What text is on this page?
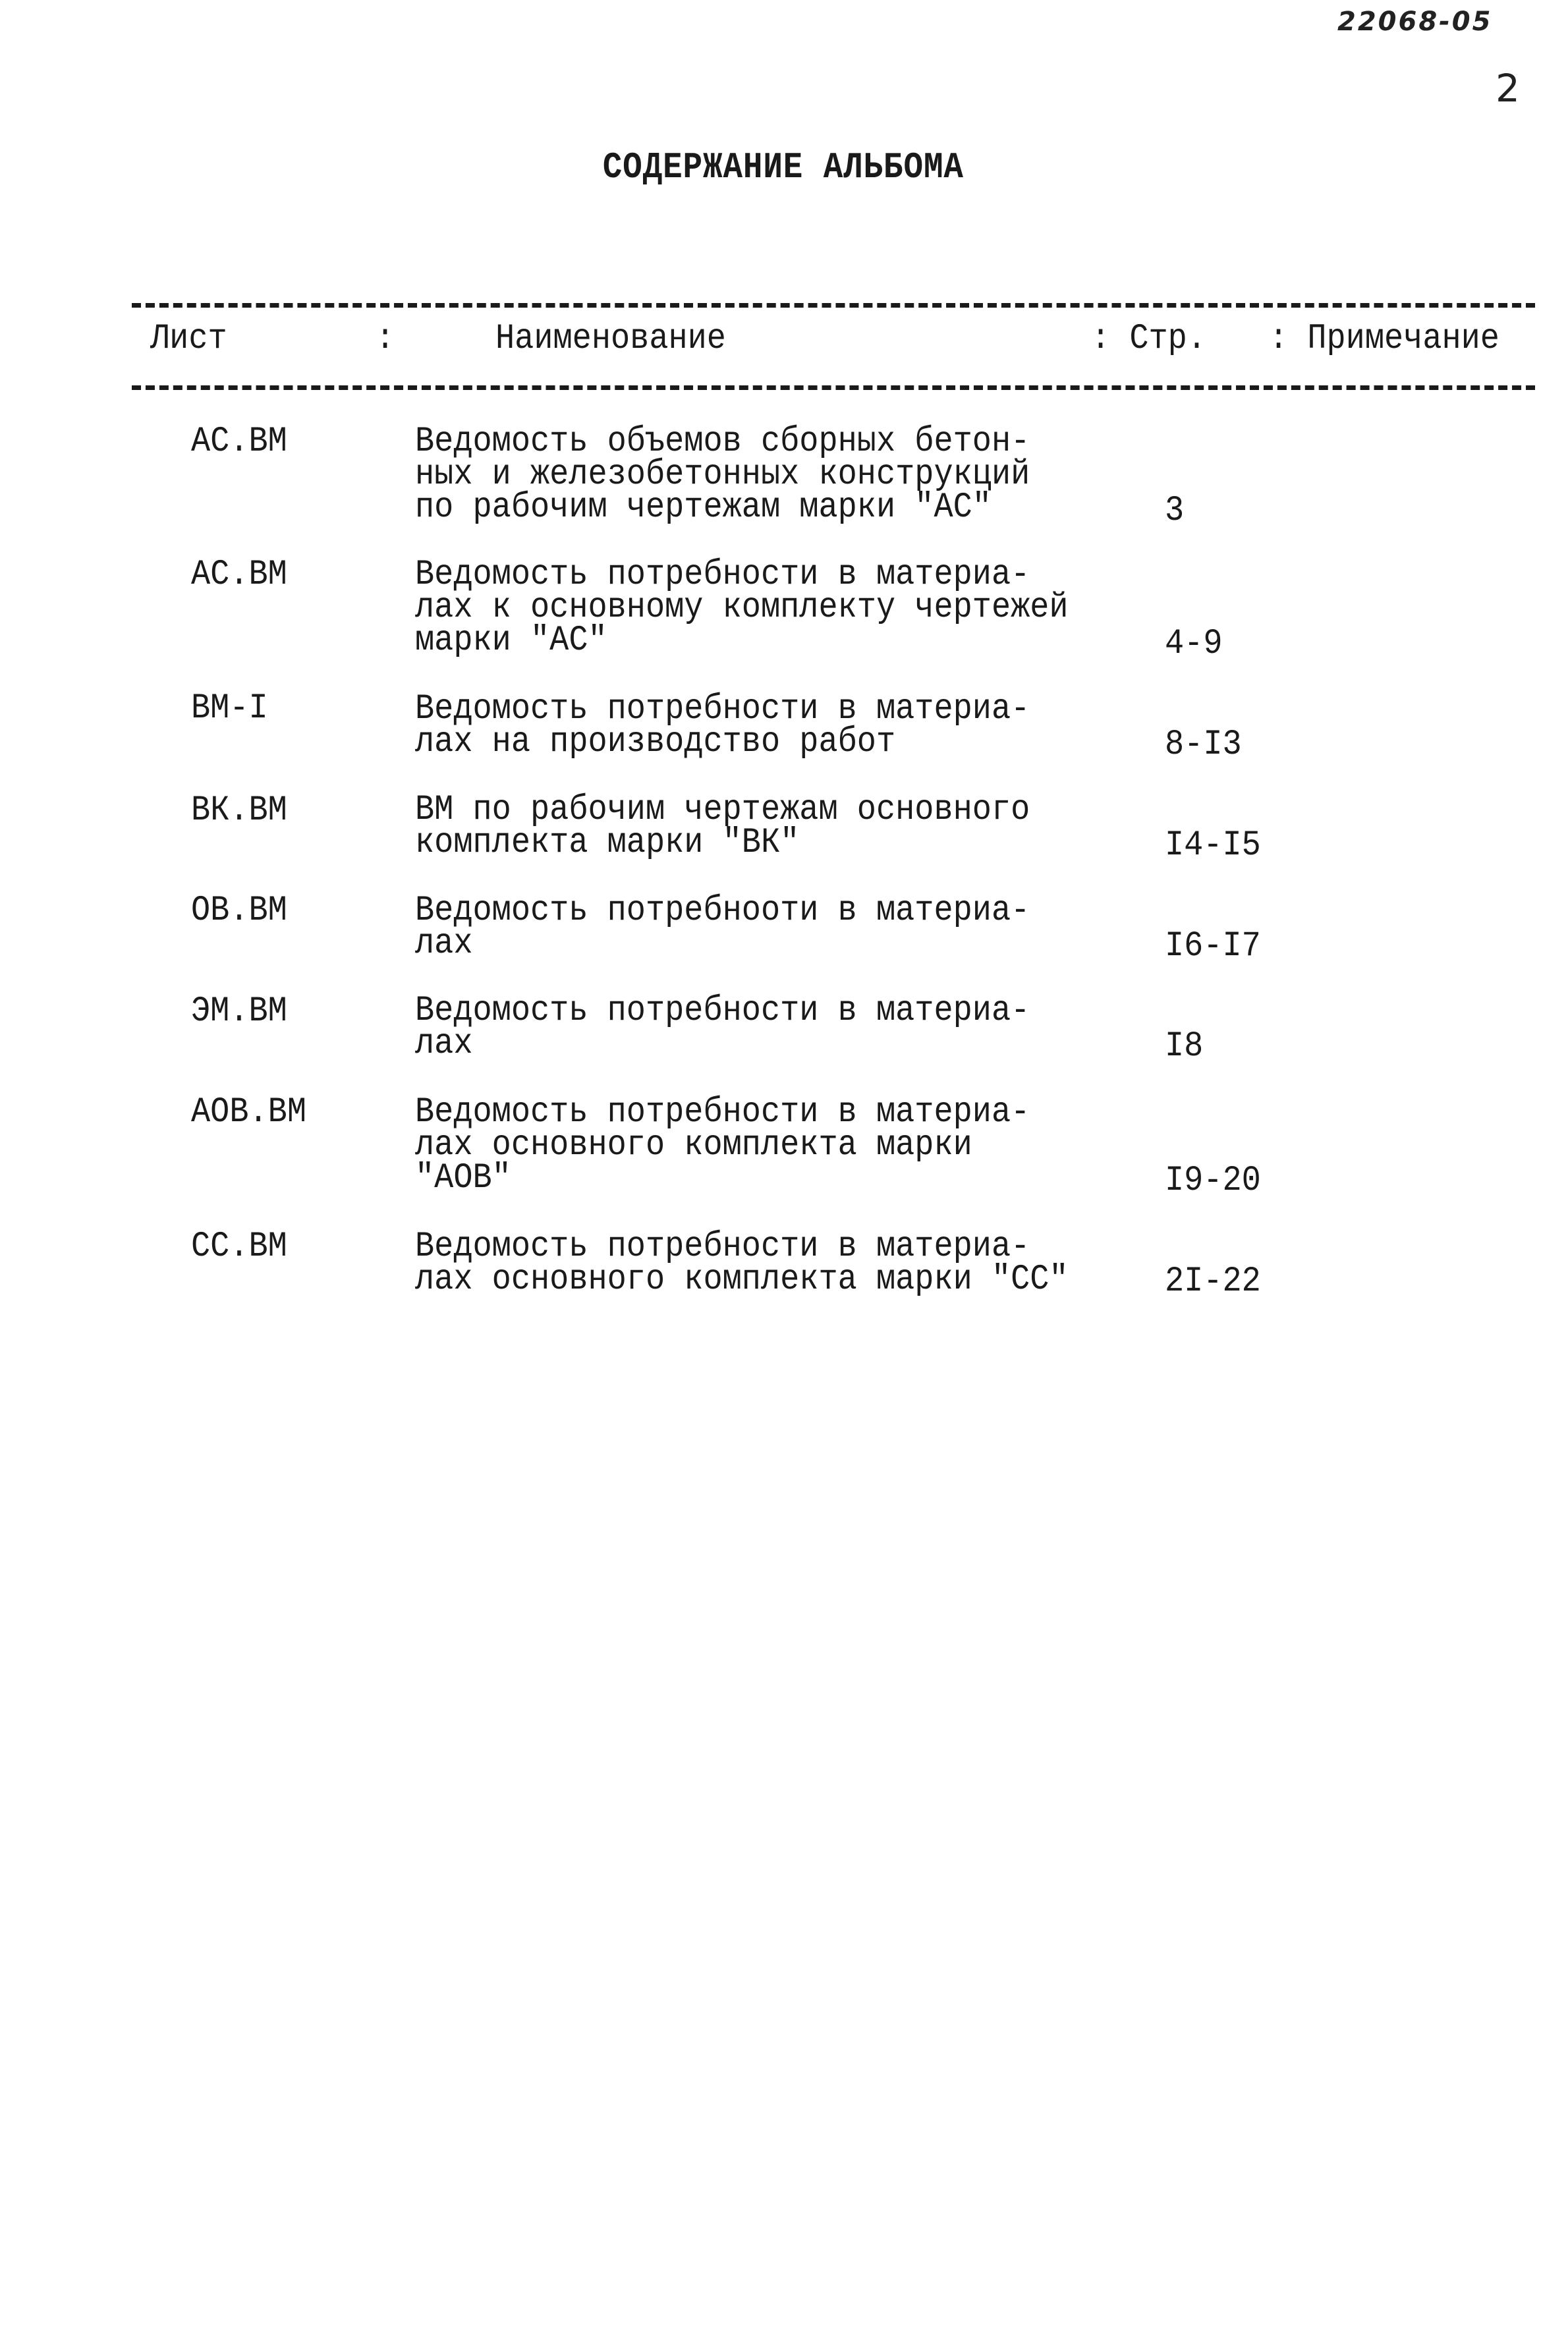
22068-05
2
СОДЕРЖАНИЕ АЛЬБОМА
Лист	:	Наименование	: Стр. : Примечание
АС.ВМ	Ведомость объемов сборных бетон-
ных и железобетонных конструкций
по рабочим чертежам марки "АС"	3
АС.ВМ	Ведомость потребности в материа-
лах к основному комплекту чертежей
марки "АС"	4-9
ВМ-I	Ведомость потребности в материа-
лах на производство работ	8-I3
ВК.ВМ	ВМ по рабочим чертежам основного
комплекта марки "ВК"	I4-I5
ОВ.ВМ	Ведомость потребноoти в материа-
лах	I6-I7
ЭМ.ВМ	Ведомость потребности в материа-
лах	I8
АОВ.ВМ	Ведомость потребности в материа-
лах основного комплекта марки
"АОВ"	I9-20
СС.ВМ	Ведомость потребности в материа-
лах основного комплекта марки "СС"	2I-22
